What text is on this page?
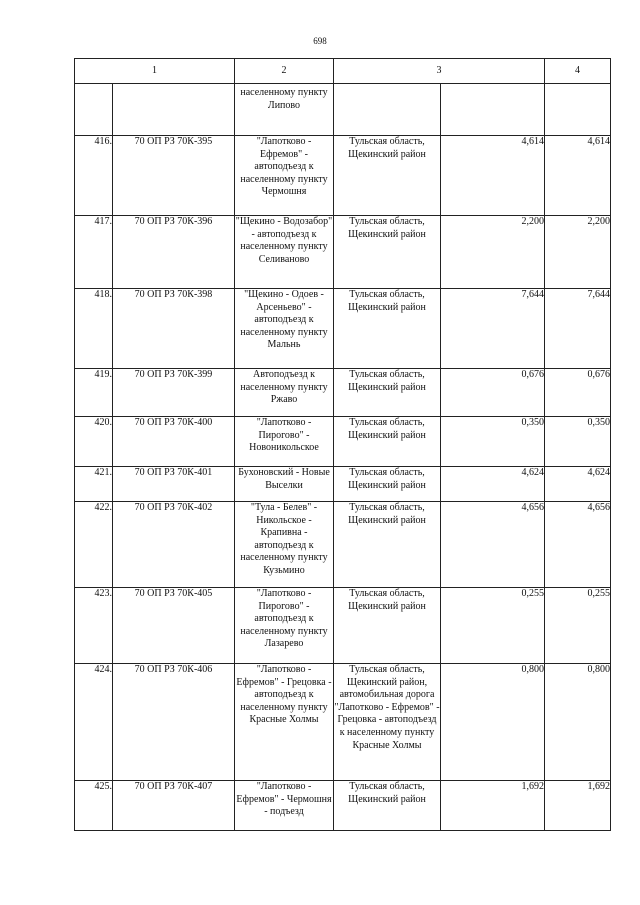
698
1		2	3		4
		населенному пункту Липово			
416.	70 ОП РЗ 70К-395	"Лапотково - Ефремов" - автоподъезд к населенному пункту Чермошня	Тульская область, Щекинский район	4,614	4,614
417.	70 ОП РЗ 70К-396	"Щекино - Водозабор" - автоподъезд к населенному пункту Селиваново	Тульская область, Щекинский район	2,200	2,200
418.	70 ОП РЗ 70К-398	"Щекино - Одоев - Арсеньево" - автоподъезд к населенному пункту Мальнь	Тульская область, Щекинский район	7,644	7,644
419.	70 ОП РЗ 70К-399	Автоподъезд к населенному пункту Ржаво	Тульская область, Щекинский район	0,676	0,676
420.	70 ОП РЗ 70К-400	"Лапотково - Пирогово" - Новоникольское	Тульская область, Щекинский район	0,350	0,350
421.	70 ОП РЗ 70К-401	Бухоновский - Новые Выселки	Тульская область, Щекинский район	4,624	4,624
422.	70 ОП РЗ 70К-402	"Тула - Белев" - Никольское - Крапивна - автоподъезд к населенному пункту Кузьмино	Тульская область, Щекинский район	4,656	4,656
423.	70 ОП РЗ 70К-405	"Лапотково - Пирогово" - автоподъезд к населенному пункту Лазарево	Тульская область, Щекинский район	0,255	0,255
424.	70 ОП РЗ 70К-406	"Лапотково - Ефремов" - Грецовка - автоподъезд к населенному пункту Красные Холмы	Тульская область, Щекинский район, автомобильная дорога "Лапотково - Ефремов" - Грецовка - автоподъезд к населенному пункту Красные Холмы	0,800	0,800
425.	70 ОП РЗ 70К-407	"Лапотково - Ефремов" - Чермошня - подъезд	Тульская область, Щекинский район	1,692	1,692
